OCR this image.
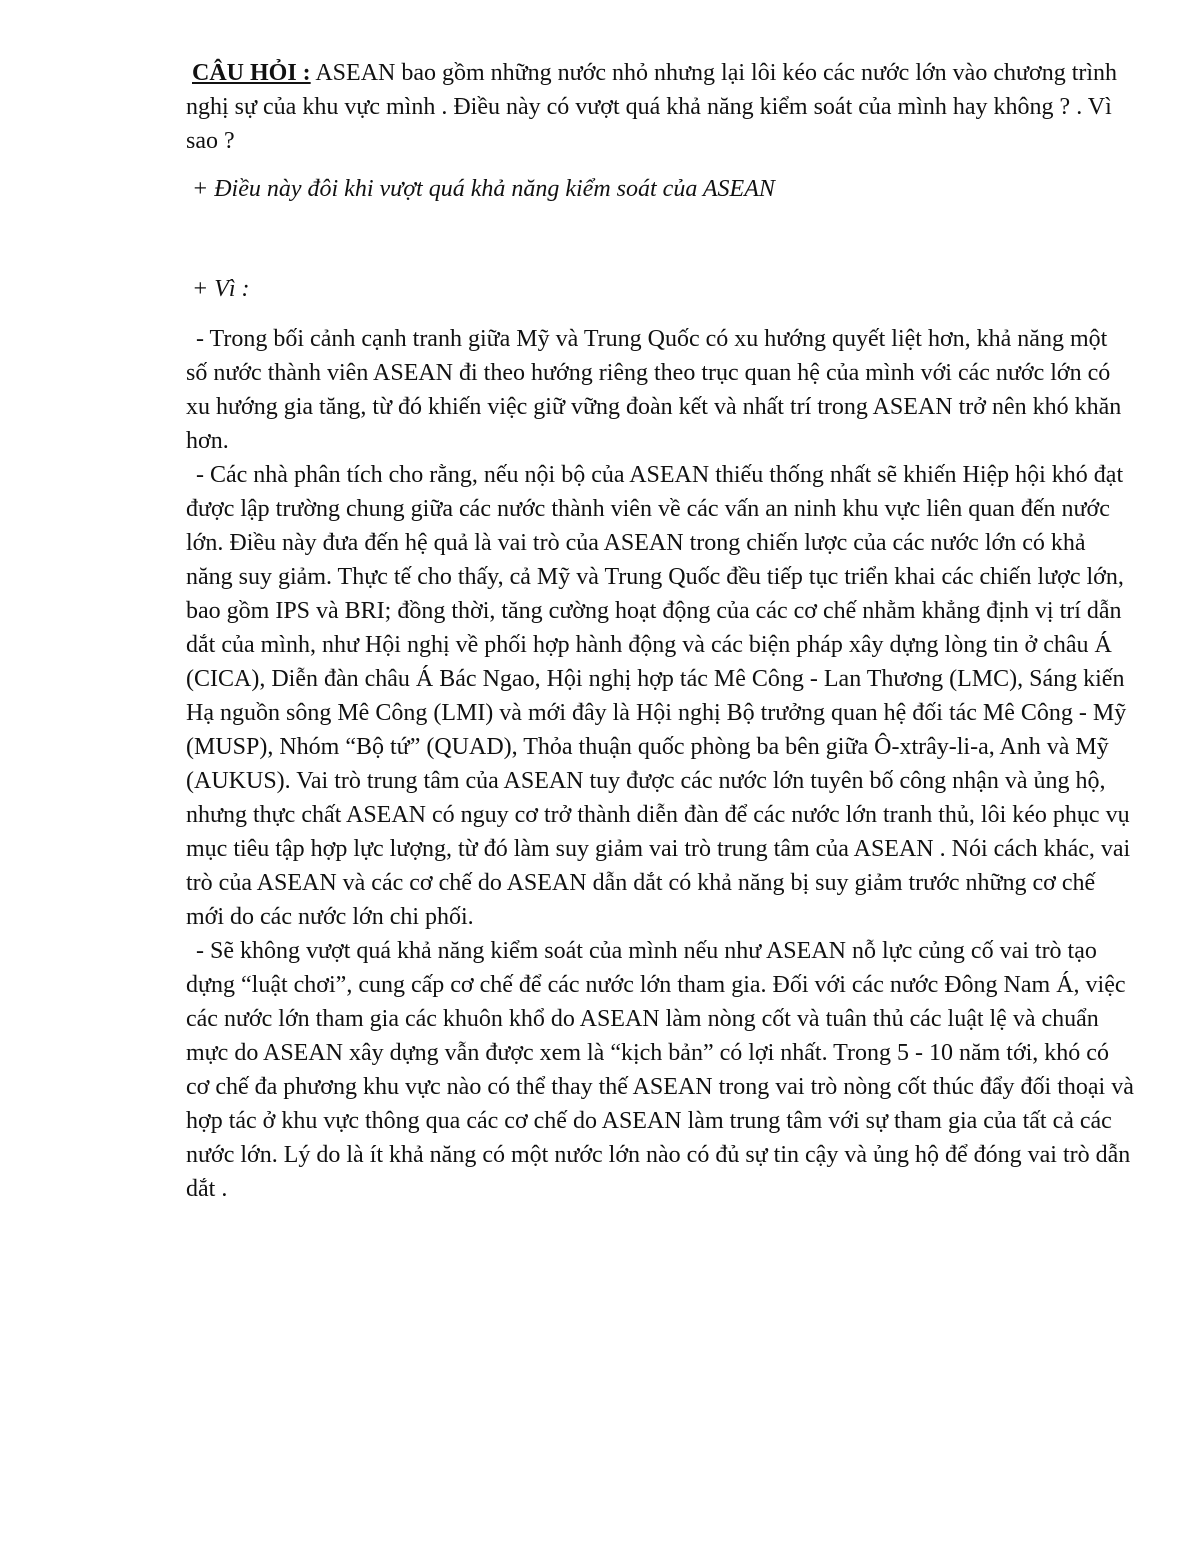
CÂU HỎI : ASEAN bao gồm những nước nhỏ nhưng lại lôi kéo các nước lớn vào chương trình nghị sự của khu vực mình . Điều này có vượt quá khả năng kiểm soát của mình hay không ? . Vì sao ?
+ Điều này đôi khi vượt quá khả năng kiểm soát của ASEAN
+ Vì :

- Trong bối cảnh cạnh tranh giữa Mỹ và Trung Quốc có xu hướng quyết liệt hơn, khả năng một số nước thành viên ASEAN đi theo hướng riêng theo trục quan hệ của mình với các nước lớn có xu hướng gia tăng, từ đó khiến việc giữ vững đoàn kết và nhất trí trong ASEAN trở nên khó khăn hơn.

- Các nhà phân tích cho rằng, nếu nội bộ của ASEAN thiếu thống nhất sẽ khiến Hiệp hội khó đạt được lập trường chung giữa các nước thành viên về các vấn an ninh khu vực liên quan đến nước lớn. Điều này đưa đến hệ quả là vai trò của ASEAN trong chiến lược của các nước lớn có khả năng suy giảm. Thực tế cho thấy, cả Mỹ và Trung Quốc đều tiếp tục triển khai các chiến lược lớn, bao gồm IPS và BRI; đồng thời, tăng cường hoạt động của các cơ chế nhằm khẳng định vị trí dẫn dắt của mình, như Hội nghị về phối hợp hành động và các biện pháp xây dựng lòng tin ở châu Á (CICA), Diễn đàn châu Á Bác Ngao, Hội nghị hợp tác Mê Công - Lan Thương (LMC), Sáng kiến Hạ nguồn sông Mê Công (LMI) và mới đây là Hội nghị Bộ trưởng quan hệ đối tác Mê Công - Mỹ (MUSP), Nhóm “Bộ tứ” (QUAD), Thỏa thuận quốc phòng ba bên giữa Ô-xtrây-li-a, Anh và Mỹ (AUKUS). Vai trò trung tâm của ASEAN tuy được các nước lớn tuyên bố công nhận và ủng hộ, nhưng thực chất ASEAN có nguy cơ trở thành diễn đàn để các nước lớn tranh thủ, lôi kéo phục vụ mục tiêu tập hợp lực lượng, từ đó làm suy giảm vai trò trung tâm của ASEAN . Nói cách khác, vai trò của ASEAN và các cơ chế do ASEAN dẫn dắt có khả năng bị suy giảm trước những cơ chế mới do các nước lớn chi phối.

- Sẽ không vượt quá khả năng kiểm soát của mình nếu như ASEAN nỗ lực củng cố vai trò tạo dựng “luật chơi”, cung cấp cơ chế để các nước lớn tham gia. Đối với các nước Đông Nam Á, việc các nước lớn tham gia các khuôn khổ do ASEAN làm nòng cốt và tuân thủ các luật lệ và chuẩn mực do ASEAN xây dựng vẫn được xem là “kịch bản” có lợi nhất. Trong 5 - 10 năm tới, khó có cơ chế đa phương khu vực nào có thể thay thế ASEAN trong vai trò nòng cốt thúc đẩy đối thoại và hợp tác ở khu vực thông qua các cơ chế do ASEAN làm trung tâm với sự tham gia của tất cả các nước lớn. Lý do là ít khả năng có một nước lớn nào có đủ sự tin cậy và ủng hộ để đóng vai trò dẫn dắt .
